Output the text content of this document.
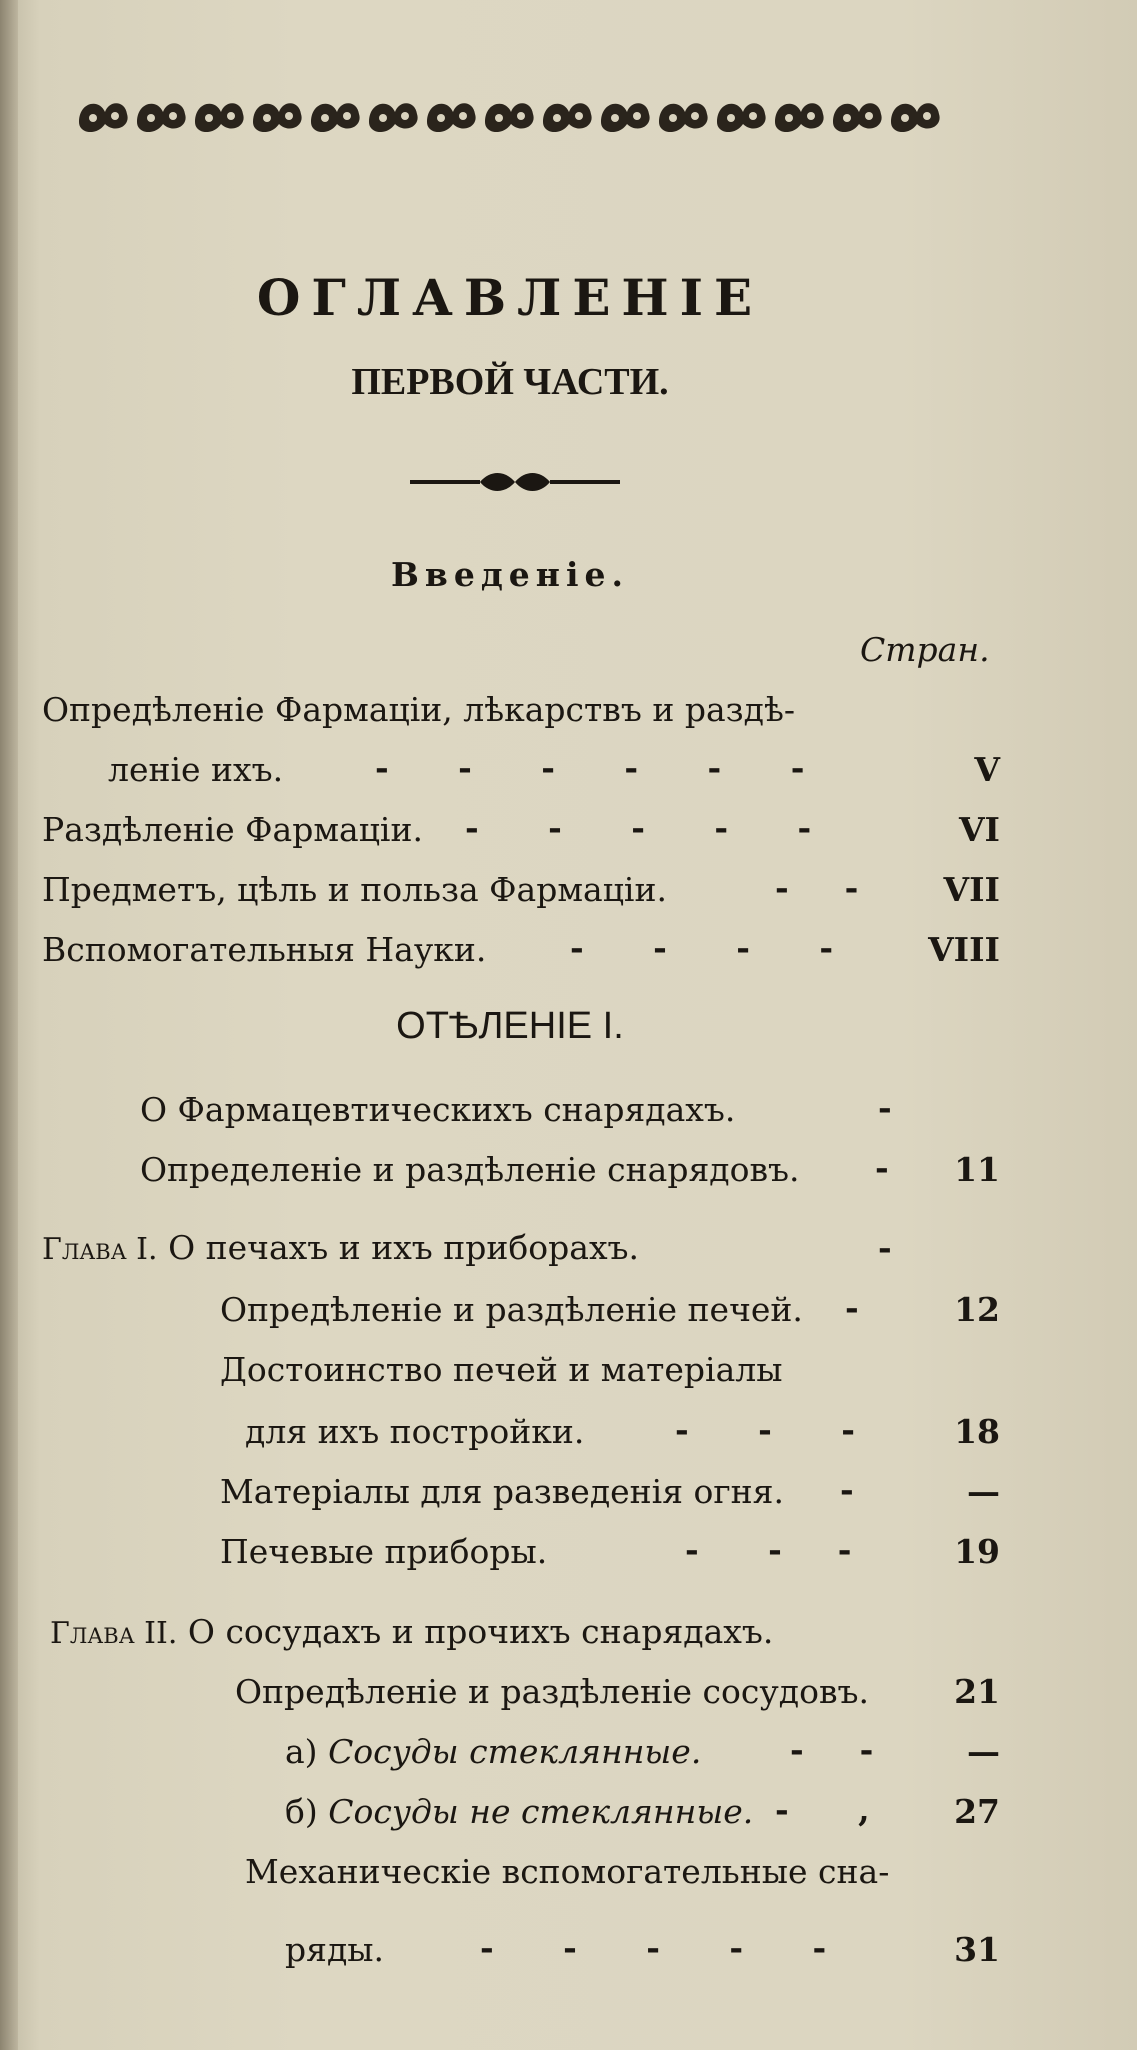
ОГЛАВЛЕНІЕ
ПЕРВОЙ ЧАСТИ.
Введеніе.
Стран.
Опредѣленіе Фармаціи, лѣкарствъ и раздѣ-
леніе ихъ.	-     -     -     -     -     -	V
Раздѣленіе Фармаціи. -     -     -     -     -	VI
Предметъ, цѣль и польза Фармаціи.	-    -	VII
Вспомогательныя Науки.	-     -     -     -	VIII
ОТѢЛЕНІЕ I.
О Фармацевтическихъ снарядахъ.	-
Определеніе и раздѣленіе снарядовъ. -	11
Глава I. О печахъ и ихъ приборахъ.	-
Опредѣленіе и раздѣленіе печей. -	12
Достоинство печей и матеріалы
для ихъ постройки.	-     -     -	18
Матеріалы для разведенія огня. -	—
Печевые приборы.	-     -    -	19
Глава II. О сосудахъ и прочихъ снарядахъ.
Опредѣленіе и раздѣленіе сосудовъ.	21
а) Сосуды стеклянные.	-    -	—
б) Сосуды не стеклянные. -     ,	27
Механическіе вспомогательные сна-
ряды.	-     -     -     -     -	31
